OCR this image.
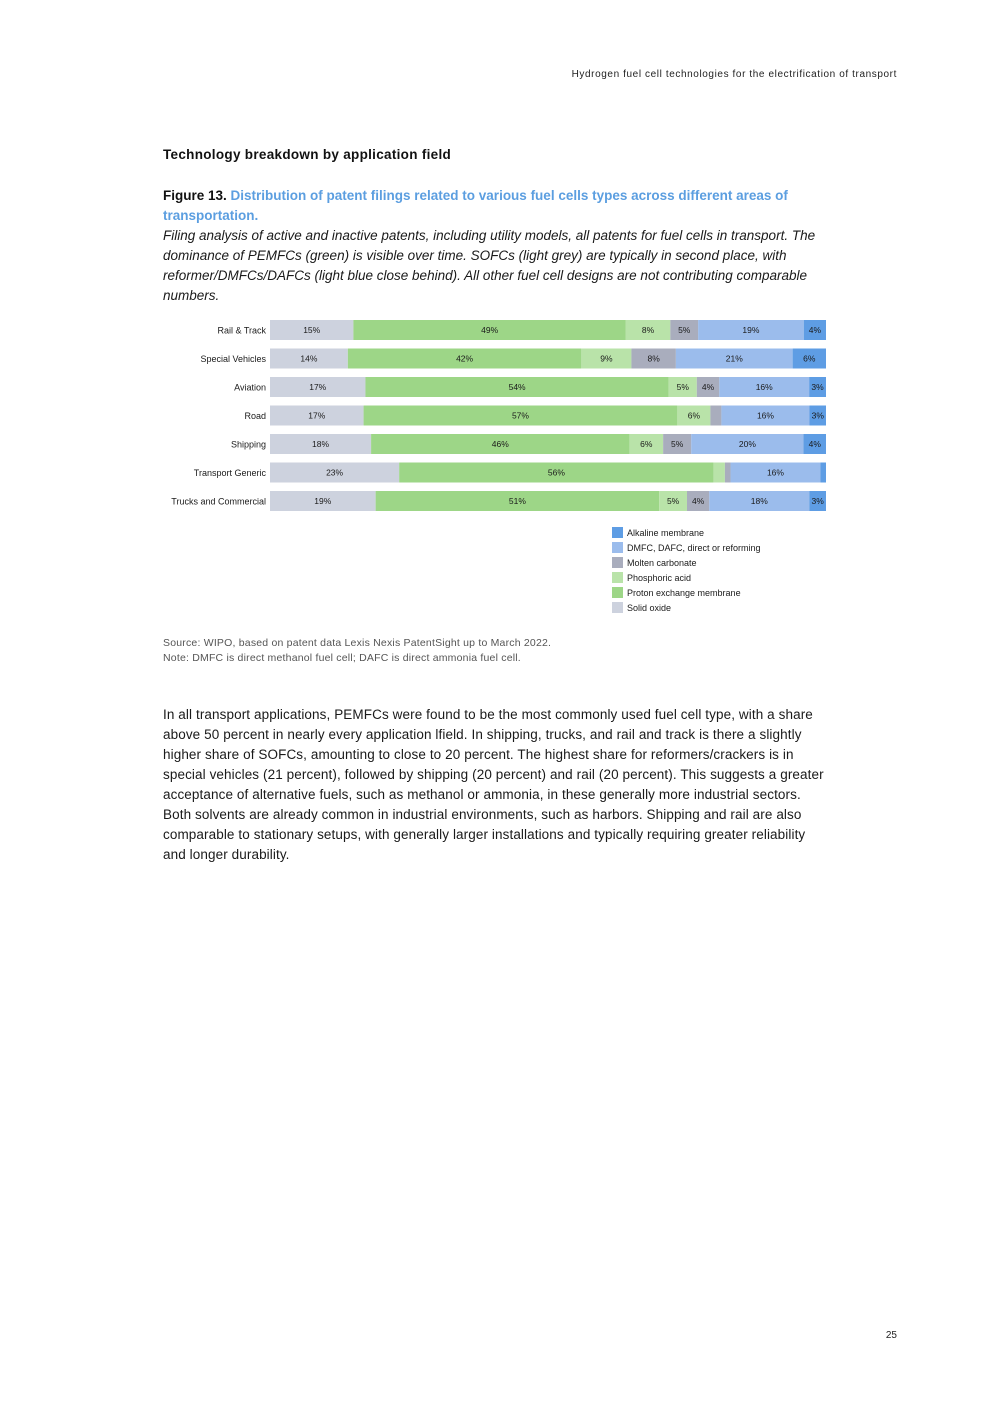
Hydrogen fuel cell technologies for the electrification of transport
Technology breakdown by application field
Figure 13. Distribution of patent filings related to various fuel cells types across different areas of transportation.
Filing analysis of active and inactive patents, including utility models, all patents for fuel cells in transport. The dominance of PEMFCs (green) is visible over time. SOFCs (light grey) are typically in second place, with reformer/DMFCs/DAFCs (light blue close behind). All other fuel cell designs are not contributing comparable numbers.
Rail & Track	15%	49%	8%	5%	19%	4%
Special Vehicles	14%	42%	9%	8%	21%	6%
Aviation	17%	54%	5% 4%	16%	3%
Road	17%	57%	6%	16%	3%
Shipping	18%	46%	6% 5%	20%	4%
Transport Generic	23%	56%	16%
Trucks and Commercial	19%	51%	5% 4%	18%	3%
Alkaline membrane
DMFC, DAFC, direct or reforming
Molten carbonate
Phosphoric acid
Proton exchange membrane
Solid oxide
Source: WIPO, based on patent data Lexis Nexis PatentSight up to March 2022.
Note: DMFC is direct methanol fuel cell; DAFC is direct ammonia fuel cell.
In all transport applications, PEMFCs were found to be the most commonly used fuel cell type, with a share above 50 percent in nearly every application lfield. In shipping, trucks, and rail and track is there a slightly higher share of SOFCs, amounting to close to 20 percent. The highest share for reformers/crackers is in special vehicles (21 percent), followed by shipping (20 percent) and rail (20 percent). This suggests a greater acceptance of alternative fuels, such as methanol or ammonia, in these generally more industrial sectors. Both solvents are already common in industrial environments, such as harbors. Shipping and rail are also comparable to stationary setups, with generally larger installations and typically requiring greater reliability and longer durability.
25
